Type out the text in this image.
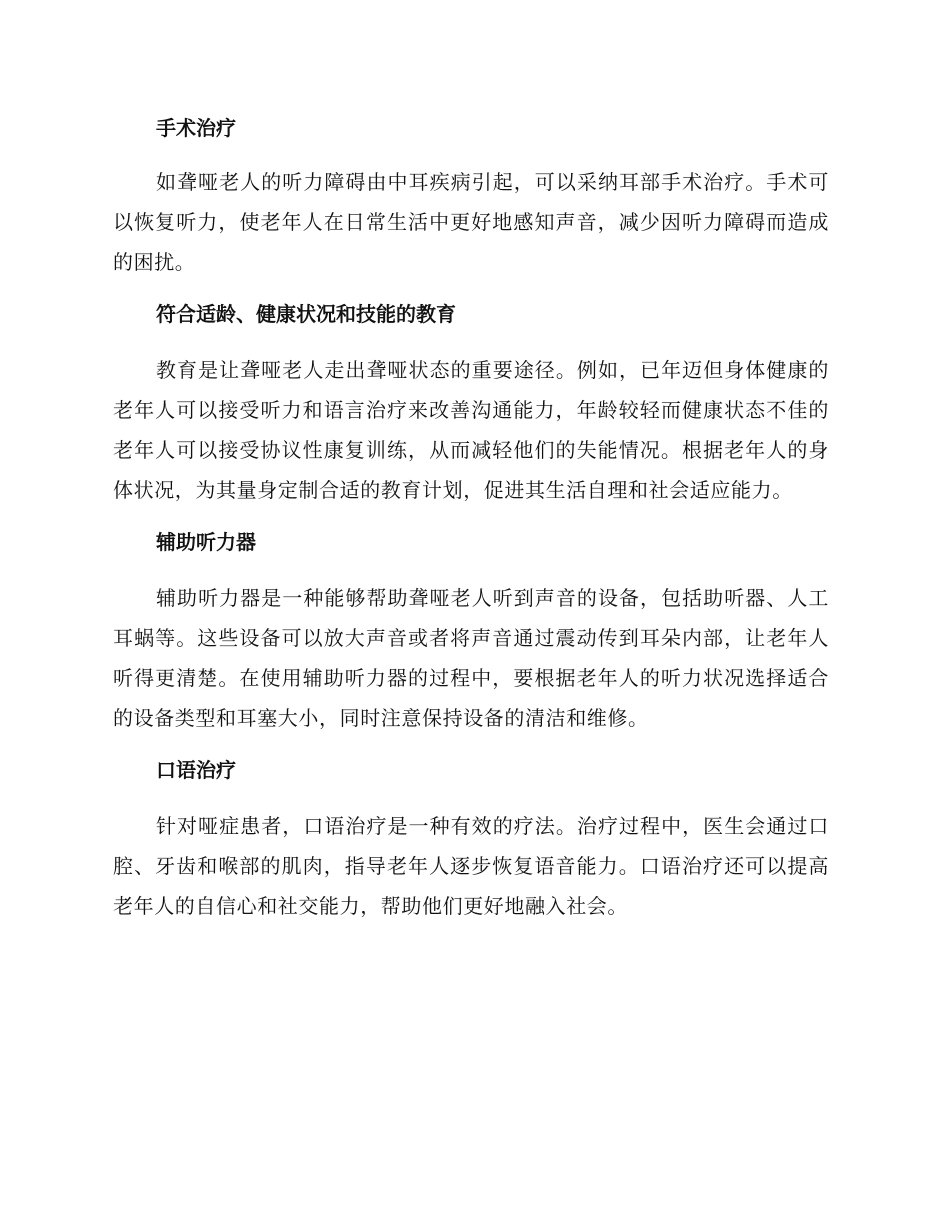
手术治疗

如聋哑老人的听力障碍由中耳疾病引起，可以采纳耳部手术治疗。手术可以恢复听力，使老年人在日常生活中更好地感知声音，减少因听力障碍而造成的困扰。

符合适龄、健康状况和技能的教育

教育是让聋哑老人走出聋哑状态的重要途径。例如，已年迈但身体健康的老年人可以接受听力和语言治疗来改善沟通能力，年龄较轻而健康状态不佳的老年人可以接受协议性康复训练，从而减轻他们的失能情况。根据老年人的身体状况，为其量身定制合适的教育计划，促进其生活自理和社会适应能力。

辅助听力器

辅助听力器是一种能够帮助聋哑老人听到声音的设备，包括助听器、人工耳蜗等。这些设备可以放大声音或者将声音通过震动传到耳朵内部，让老年人听得更清楚。在使用辅助听力器的过程中，要根据老年人的听力状况选择适合的设备类型和耳塞大小，同时注意保持设备的清洁和维修。

口语治疗

针对哑症患者，口语治疗是一种有效的疗法。治疗过程中，医生会通过口腔、牙齿和喉部的肌肉，指导老年人逐步恢复语音能力。口语治疗还可以提高老年人的自信心和社交能力，帮助他们更好地融入社会。
